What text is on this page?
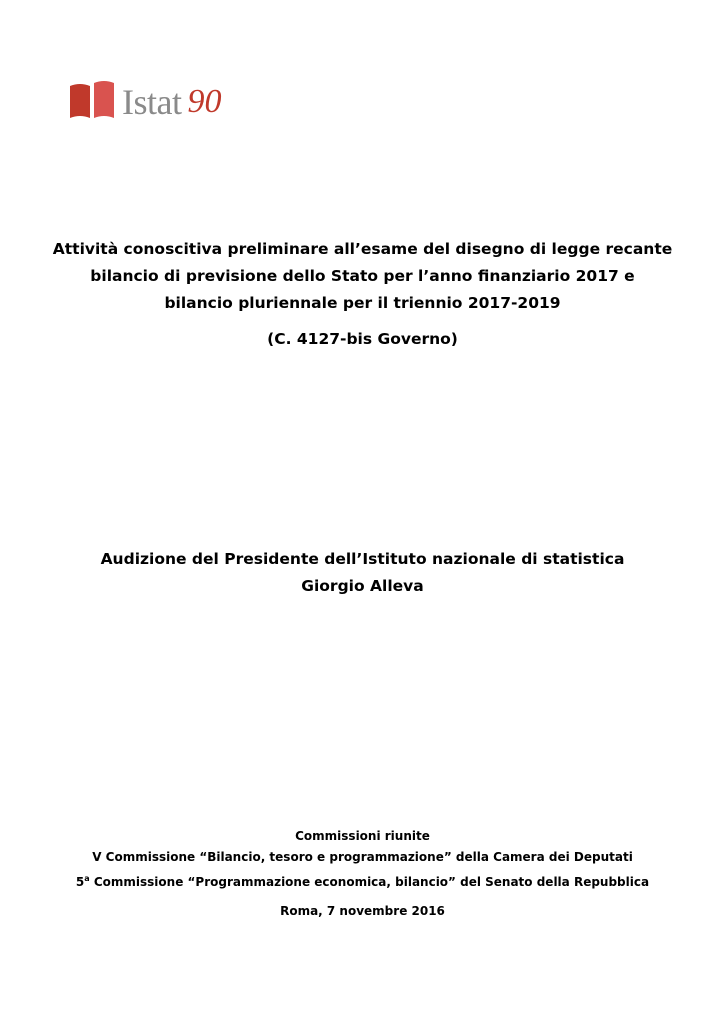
Istat 90
Attività conoscitiva preliminare all’esame del disegno di legge recante
bilancio di previsione dello Stato per l’anno finanziario 2017 e
bilancio pluriennale per il triennio 2017-2019
(C. 4127-bis Governo)
Audizione del Presidente dell’Istituto nazionale di statistica
Giorgio Alleva
Commissioni riunite
V Commissione “Bilancio, tesoro e programmazione” della Camera dei Deputati
5$^a$ Commissione “Programmazione economica, bilancio” del Senato della Repubblica
Roma, 7 novembre 2016
